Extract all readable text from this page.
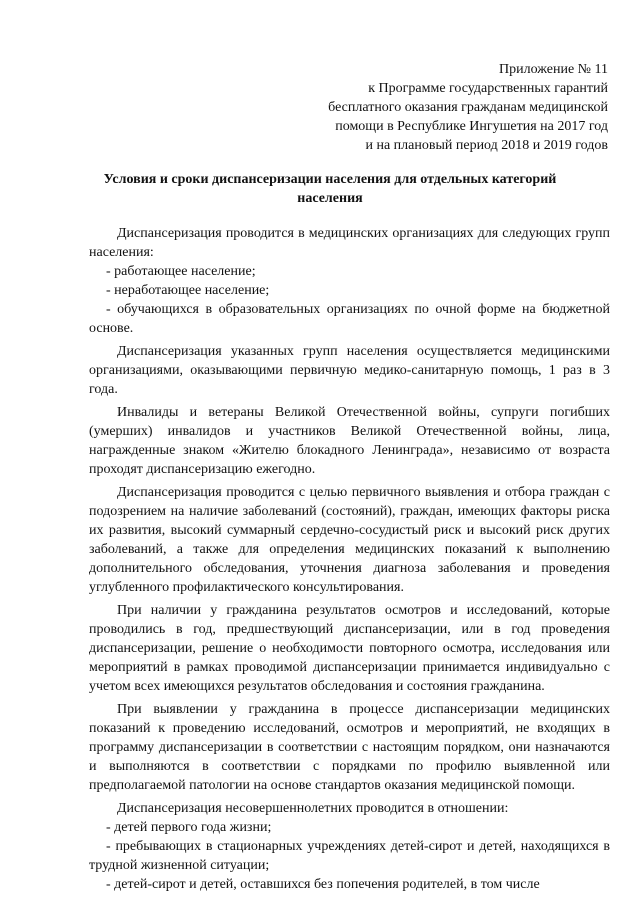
Приложение № 11
к Программе государственных гарантий
бесплатного оказания гражданам медицинской
помощи в Республике Ингушетия на 2017 год
и на плановый период 2018 и 2019 годов
Условия и сроки диспансеризации населения для отдельных категорий населения

Диспансеризация проводится в медицинских организациях для следующих групп населения:

- работающее население;

- неработающее население;

- обучающихся в образовательных организациях по очной форме на бюджетной основе.

Диспансеризация указанных групп населения осуществляется медицинскими организациями, оказывающими первичную медико-санитарную помощь, 1 раз в 3 года.

Инвалиды и ветераны Великой Отечественной войны, супруги погибших (умерших) инвалидов и участников Великой Отечественной войны, лица, награжденные знаком «Жителю блокадного Ленинграда», независимо от возраста проходят диспансеризацию ежегодно.

Диспансеризация проводится с целью первичного выявления и отбора граждан с подозрением на наличие заболеваний (состояний), граждан, имеющих факторы риска их развития, высокий суммарный сердечно-сосудистый риск и высокий риск других заболеваний, а также для определения медицинских показаний к выполнению дополнительного обследования, уточнения диагноза заболевания и проведения углубленного профилактического консультирования.

При наличии у гражданина результатов осмотров и исследований, которые проводились в год, предшествующий диспансеризации, или в год проведения диспансеризации, решение о необходимости повторного осмотра, исследования или мероприятий в рамках проводимой диспансеризации принимается индивидуально с учетом всех имеющихся результатов обследования и состояния гражданина.

При выявлении у гражданина в процессе диспансеризации медицинских показаний к проведению исследований, осмотров и мероприятий, не входящих в программу диспансеризации в соответствии с настоящим порядком, они назначаются и выполняются в соответствии с порядками по профилю выявленной или предполагаемой патологии на основе стандартов оказания медицинской помощи.

Диспансеризация несовершеннолетних проводится в отношении:

- детей первого года жизни;

- пребывающих в стационарных учреждениях детей-сирот и детей, находящихся в трудной жизненной ситуации;

- детей-сирот и детей, оставшихся без попечения родителей, в том числе
